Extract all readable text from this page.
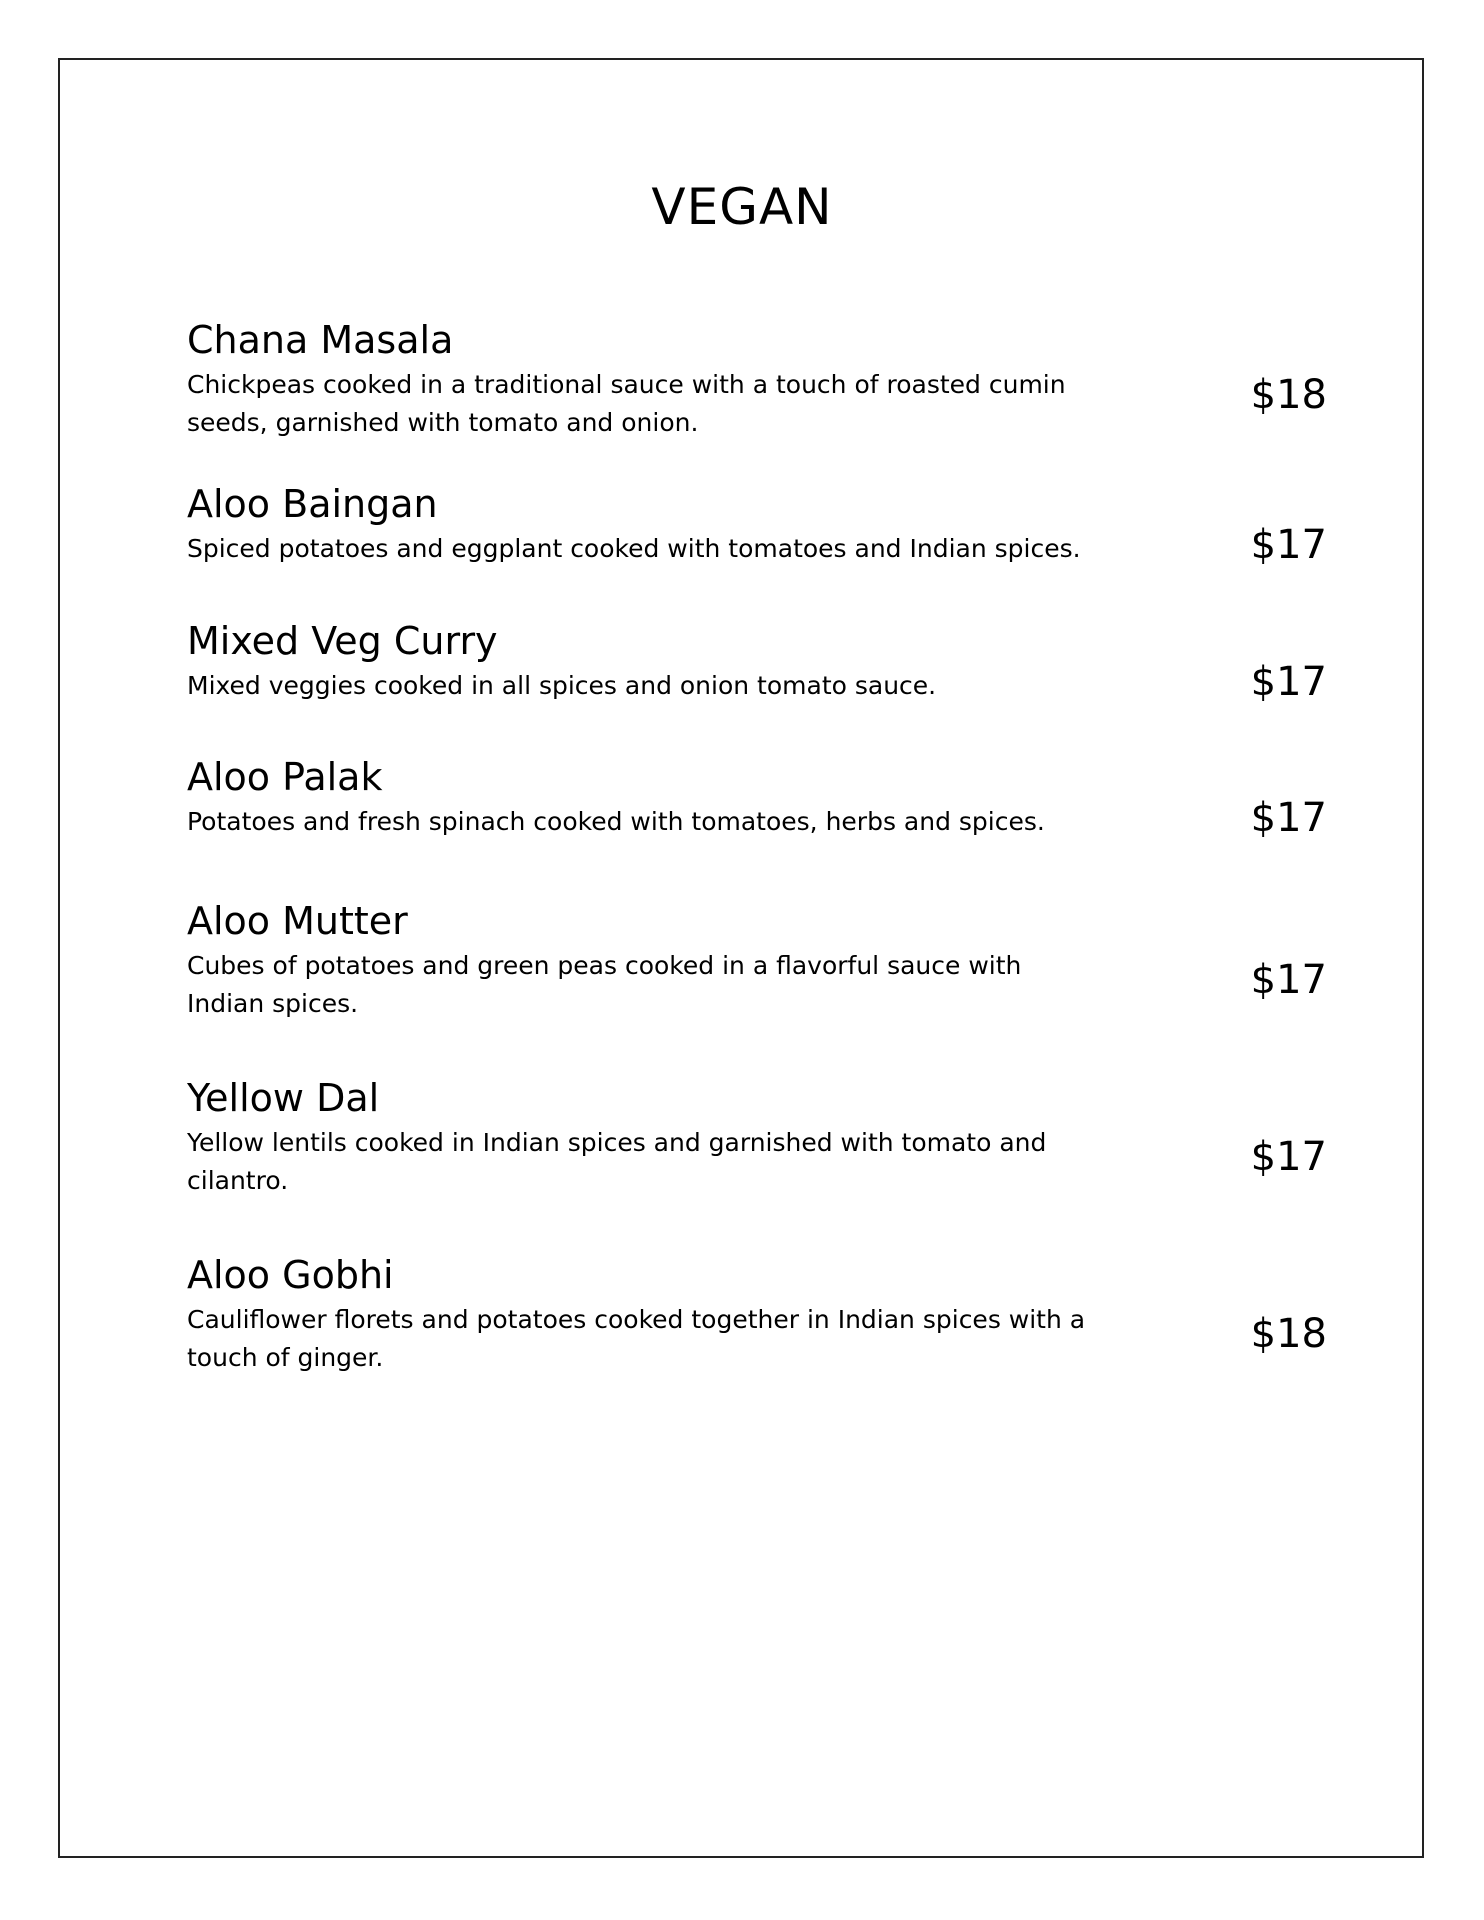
VEGAN
Chana Masala
Chickpeas cooked in a traditional sauce with a touch of roasted cumin seeds, garnished with tomato and onion.
$18
Aloo Baingan
Spiced potatoes and eggplant cooked with tomatoes and Indian spices.	$17
Mixed Veg Curry
Mixed veggies cooked in all spices and onion tomato sauce.	$17
Aloo Palak
Potatoes and fresh spinach cooked with tomatoes, herbs and spices.	$17
Aloo Mutter
Cubes of potatoes and green peas cooked in a flavorful sauce with Indian spices.
$17
Yellow Dal
Yellow lentils cooked in Indian spices and garnished with tomato and cilantro.
$17
Aloo Gobhi
Cauliflower florets and potatoes cooked together in Indian spices with a touch of ginger.
$18
